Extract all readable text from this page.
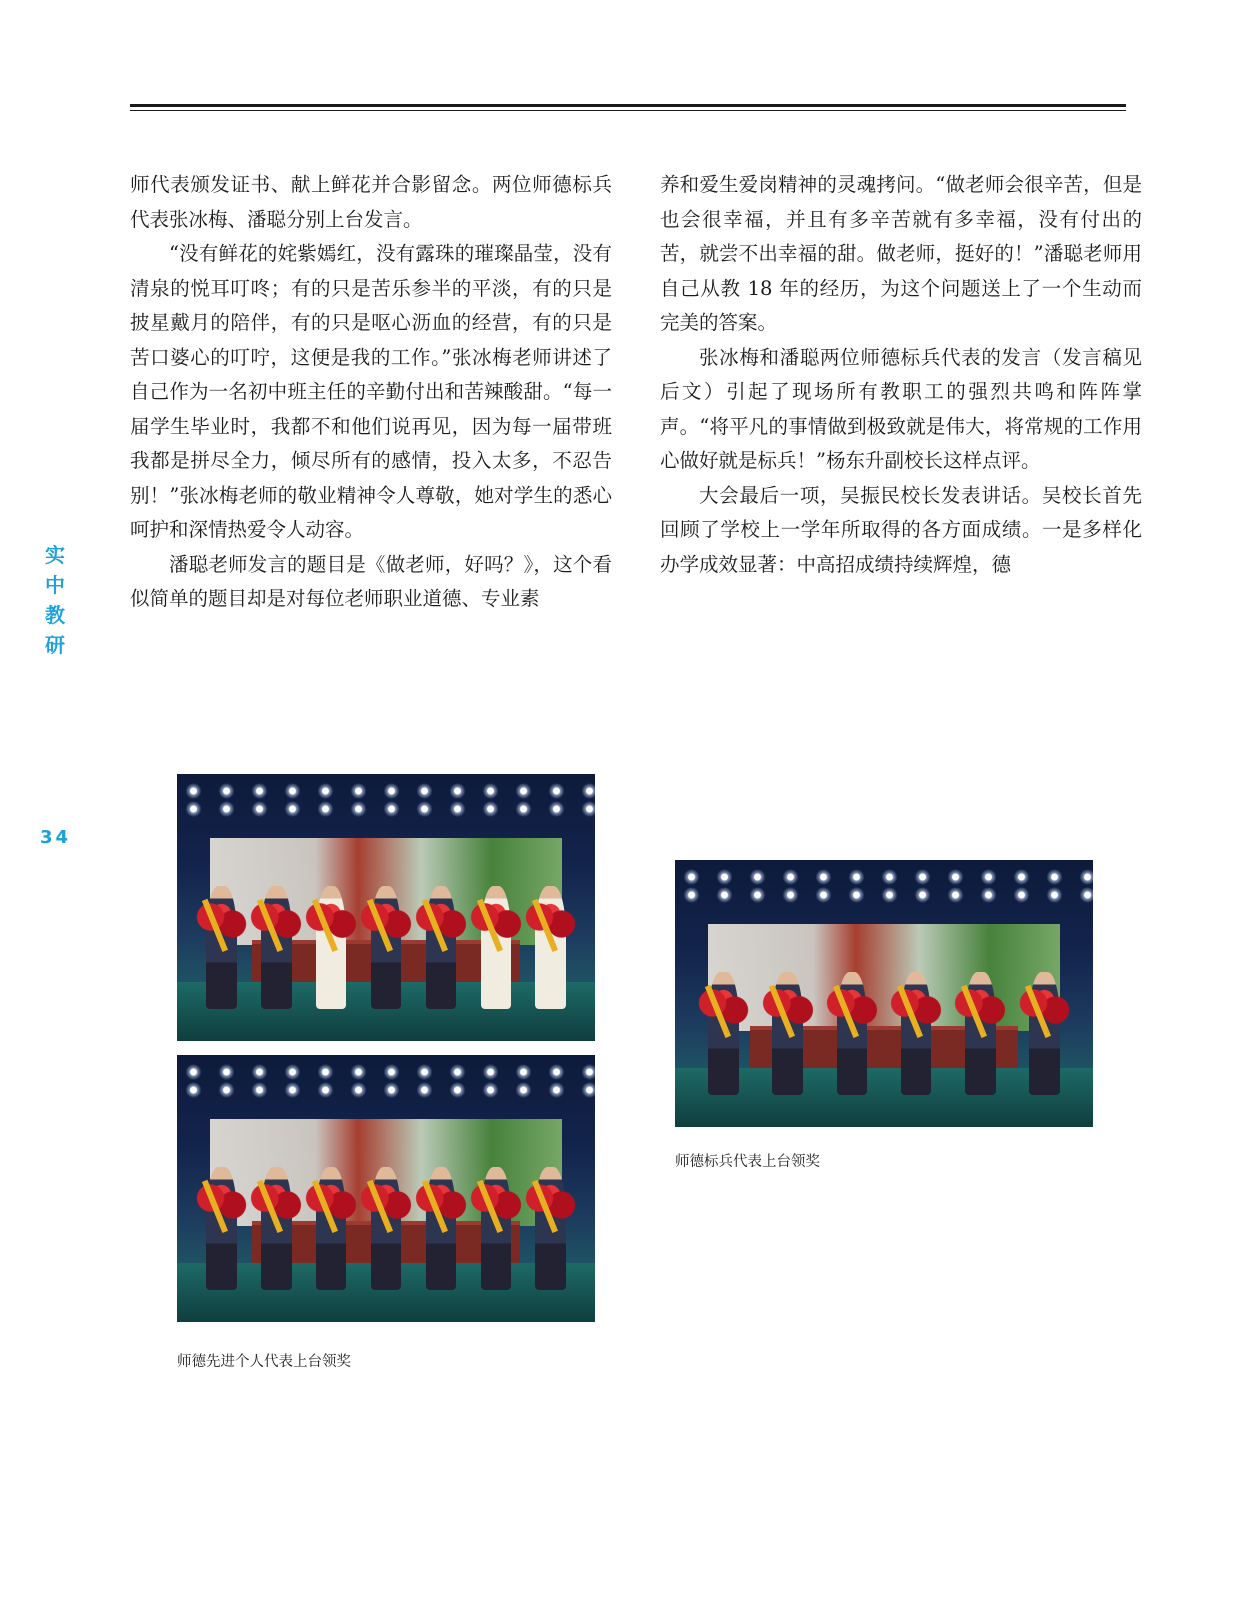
实
中
教
研
34

师代表颁发证书、献上鲜花并合影留念。两位师德标兵代表张冰梅、潘聪分别上台发言。

“没有鲜花的姹紫嫣红，没有露珠的璀璨晶莹，没有清泉的悦耳叮咚；有的只是苦乐参半的平淡，有的只是披星戴月的陪伴，有的只是呕心沥血的经营，有的只是苦口婆心的叮咛，这便是我的工作。”张冰梅老师讲述了自己作为一名初中班主任的辛勤付出和苦辣酸甜。“每一届学生毕业时，我都不和他们说再见，因为每一届带班我都是拼尽全力，倾尽所有的感情，投入太多，不忍告别！”张冰梅老师的敬业精神令人尊敬，她对学生的悉心呵护和深情热爱令人动容。

潘聪老师发言的题目是《做老师，好吗？》，这个看似简单的题目却是对每位老师职业道德、专业素

养和爱生爱岗精神的灵魂拷问。“做老师会很辛苦，但是也会很幸福，并且有多辛苦就有多幸福，没有付出的苦，就尝不出幸福的甜。做老师，挺好的！”潘聪老师用自己从教 18 年的经历，为这个问题送上了一个生动而完美的答案。

张冰梅和潘聪两位师德标兵代表的发言（发言稿见后文）引起了现场所有教职工的强烈共鸣和阵阵掌声。“将平凡的事情做到极致就是伟大，将常规的工作用心做好就是标兵！”杨东升副校长这样点评。

大会最后一项，吴振民校长发表讲话。吴校长首先回顾了学校上一学年所取得的各方面成绩。一是多样化办学成效显著：中高招成绩持续辉煌，德

师德先进个人代表上台领奖
师德标兵代表上台领奖
